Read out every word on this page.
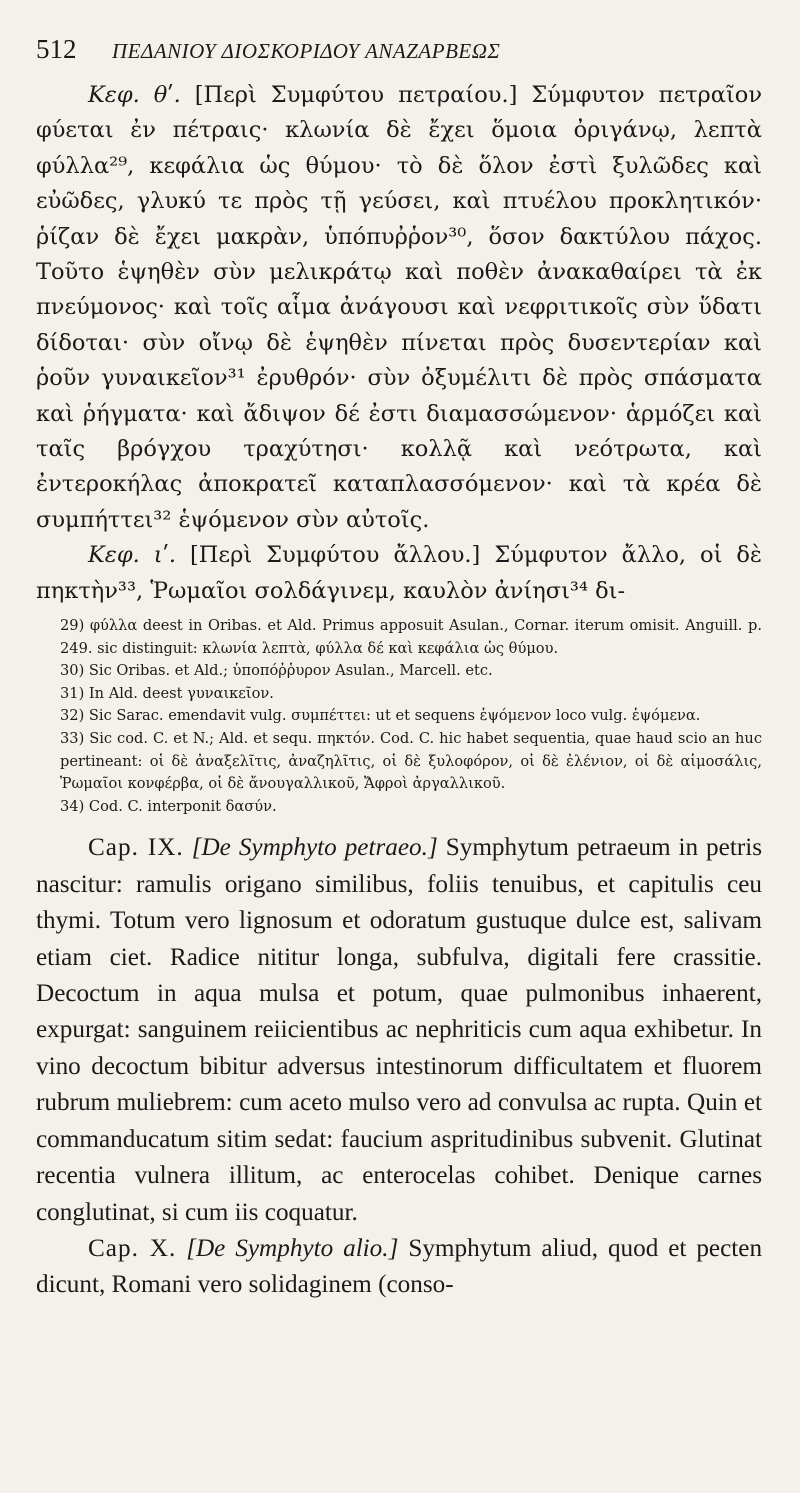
512	ΠΕΔΑΝΙΟΥ ΔΙΟΣΚΟΡΙΔΟΥ ΑΝΑΖΑΡΒΕΩΣ

Κεφ. θʹ. [Περὶ Συμφύτου πετραίου.] Σύμφυτον πετραῖον φύεται ἐν πέτραις· κλωνία δὲ ἔχει ὅμοια ὀριγάνῳ, λεπτὰ φύλλα²⁹, κεφάλια ὡς θύμου· τὸ δὲ ὅλον ἐστὶ ξυλῶδες καὶ εὐῶδες, γλυκύ τε πρὸς τῇ γεύσει, καὶ πτυέλου προκλητικόν· ῥίζαν δὲ ἔχει μακρὰν, ὑπόπυῤῥον³⁰, ὅσον δακτύλου πάχος. Τοῦτο ἑψηθὲν σὺν μελικράτῳ καὶ ποθὲν ἀνακαθαίρει τὰ ἐκ πνεύμονος· καὶ τοῖς αἷμα ἀνάγουσι καὶ νεφριτικοῖς σὺν ὕδατι δίδοται· σὺν οἴνῳ δὲ ἑψηθὲν πίνεται πρὸς δυσεντερίαν καὶ ῥοῦν γυναικεῖον³¹ ἐρυθρόν· σὺν ὀξυμέλιτι δὲ πρὸς σπάσματα καὶ ῥήγματα· καὶ ἄδιψον δέ ἐστι διαμασσώμενον· ἁρμόζει καὶ ταῖς βρόγχου τραχύτησι· κολλᾷ καὶ νεότρωτα, καὶ ἐντεροκήλας ἀποκρατεῖ καταπλασσόμενον· καὶ τὰ κρέα δὲ συμπήττει³² ἑψόμενον σὺν αὐτοῖς.

Κεφ. ιʹ. [Περὶ Συμφύτου ἄλλου.] Σύμφυτον ἄλλο, οἱ δὲ πηκτὴν³³, Ῥωμαῖοι σολδάγινεμ, καυλὸν ἀνίησι³⁴ δι-

29) φύλλα deest in Oribas. et Ald. Primus apposuit Asulan., Cornar. iterum omisit. Anguill. p. 249. sic distinguit: κλωνία λεπτὰ, φύλλα δέ καὶ κεφάλια ὡς θύμου.

30) Sic Oribas. et Ald.; ὑποπόῤῥυρον Asulan., Marcell. etc.

31) In Ald. deest γυναικεῖον.

32) Sic Sarac. emendavit vulg. συμπέττει: ut et sequens ἑψόμενον loco vulg. ἑψόμενα.

33) Sic cod. C. et N.; Ald. et sequ. πηκτόν. Cod. C. hic habet sequentia, quae haud scio an huc pertineant: οἱ δὲ ἀναξελῖτις, ἀναζηλῖτις, οἱ δὲ ξυλοφόρον, οἱ δὲ ἐλένιον, οἱ δὲ αἱμοσάλις, Ῥωμαῖοι κονφέρβα, οἱ δὲ ἄνουγαλλικοῦ, Ἄφροὶ ἀργαλλικοῦ.

34) Cod. C. interponit δασύν.

Cap. IX. [De Symphyto petraeo.] Symphytum petraeum in petris nascitur: ramulis origano similibus, foliis tenuibus, et capitulis ceu thymi. Totum vero lignosum et odoratum gustuque dulce est, salivam etiam ciet. Radice nititur longa, subfulva, digitali fere crassitie. Decoctum in aqua mulsa et potum, quae pulmonibus inhaerent, expurgat: sanguinem reiicientibus ac nephriticis cum aqua exhibetur. In vino decoctum bibitur adversus intestinorum difficultatem et fluorem rubrum muliebrem: cum aceto mulso vero ad convulsa ac rupta. Quin et commanducatum sitim sedat: faucium aspritudinibus subvenit. Glutinat recentia vulnera illitum, ac enterocelas cohibet. Denique carnes conglutinat, si cum iis coquatur.

Cap. X. [De Symphyto alio.] Symphytum aliud, quod et pecten dicunt, Romani vero solidaginem (conso-
